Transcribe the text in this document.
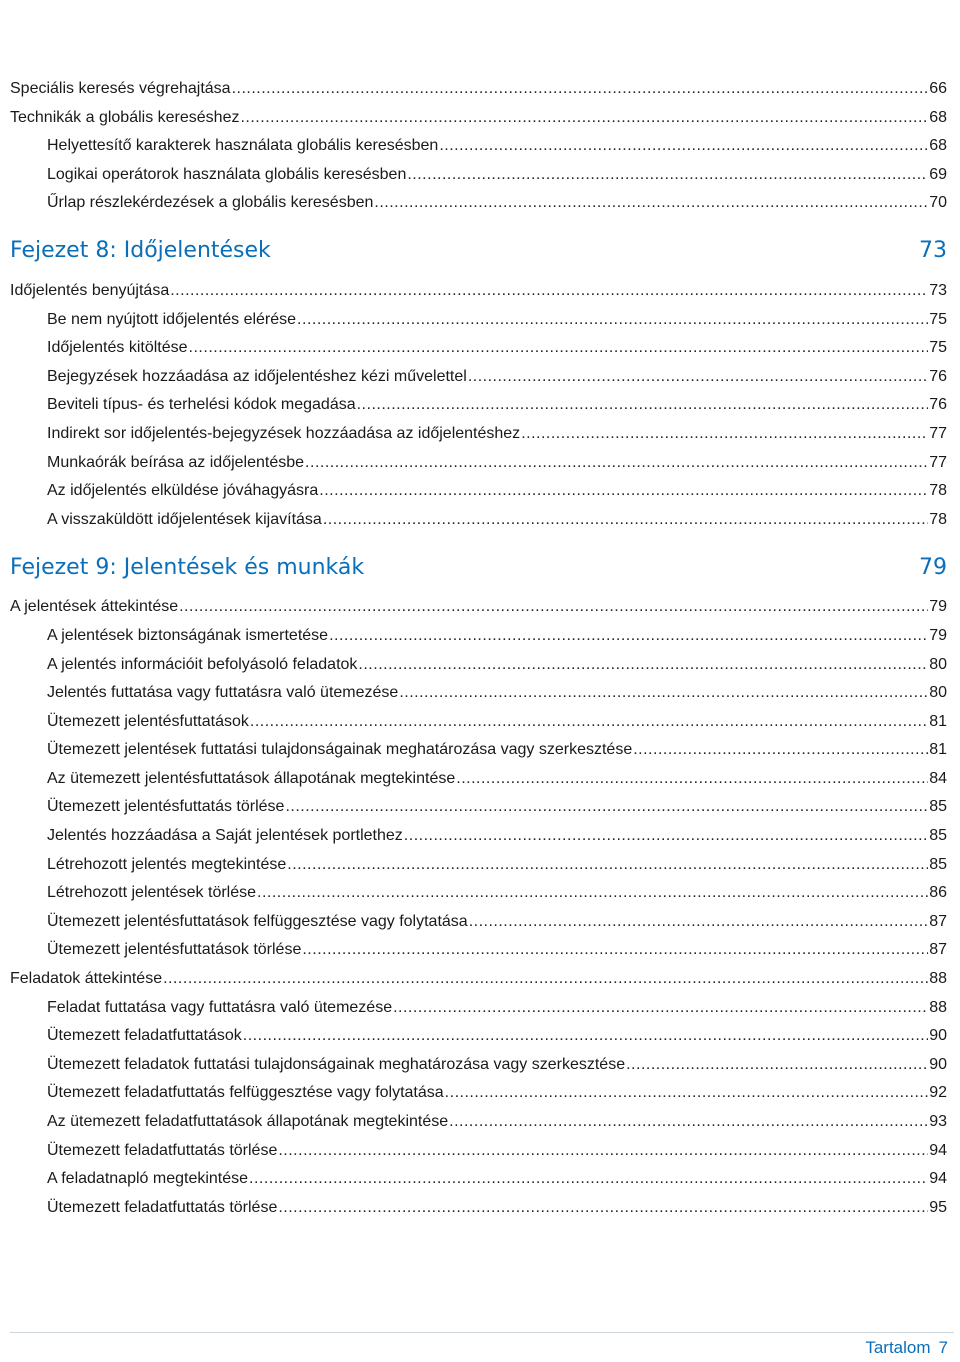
Speciális keresés végrehajtása .....	66
Technikák a globális kereséshez .....	68
Helyettesítő karakterek használata globális keresésben .....	68
Logikai operátorok használata globális keresésben .....	69
Űrlap részlekérdezések a globális keresésben .....	70
Fejezet 8: Időjelentések	73
Időjelentés benyújtása .....	73
Be nem nyújtott időjelentés elérése .....	75
Időjelentés kitöltése .....	75
Bejegyzések hozzáadása az időjelentéshez kézi művelettel .....	76
Beviteli típus- és terhelési kódok megadása .....	76
Indirekt sor időjelentés-bejegyzések hozzáadása az időjelentéshez .....	77
Munkaórák beírása az időjelentésbe .....	77
Az időjelentés elküldése jóváhagyásra .....	78
A visszaküldött időjelentések kijavítása .....	78
Fejezet 9: Jelentések és munkák	79
A jelentések áttekintése .....	79
A jelentések biztonságának ismertetése .....	79
A jelentés információit befolyásoló feladatok .....	80
Jelentés futtatása vagy futtatásra való ütemezése .....	80
Ütemezett jelentésfuttatások .....	81
Ütemezett jelentések futtatási tulajdonságainak meghatározása vagy szerkesztése .....	81
Az ütemezett jelentésfuttatások állapotának megtekintése .....	84
Ütemezett jelentésfuttatás törlése .....	85
Jelentés hozzáadása a Saját jelentések portlethez .....	85
Létrehozott jelentés megtekintése .....	85
Létrehozott jelentések törlése .....	86
Ütemezett jelentésfuttatások felfüggesztése vagy folytatása .....	87
Ütemezett jelentésfuttatások törlése .....	87
Feladatok áttekintése .....	88
Feladat futtatása vagy futtatásra való ütemezése .....	88
Ütemezett feladatfuttatások .....	90
Ütemezett feladatok futtatási tulajdonságainak meghatározása vagy szerkesztése .....	90
Ütemezett feladatfuttatás felfüggesztése vagy folytatása .....	92
Az ütemezett feladatfuttatások állapotának megtekintése .....	93
Ütemezett feladatfuttatás törlése .....	94
A feladatnapló megtekintése .....	94
Ütemezett feladatfuttatás törlése .....	95
Tartalom 7
